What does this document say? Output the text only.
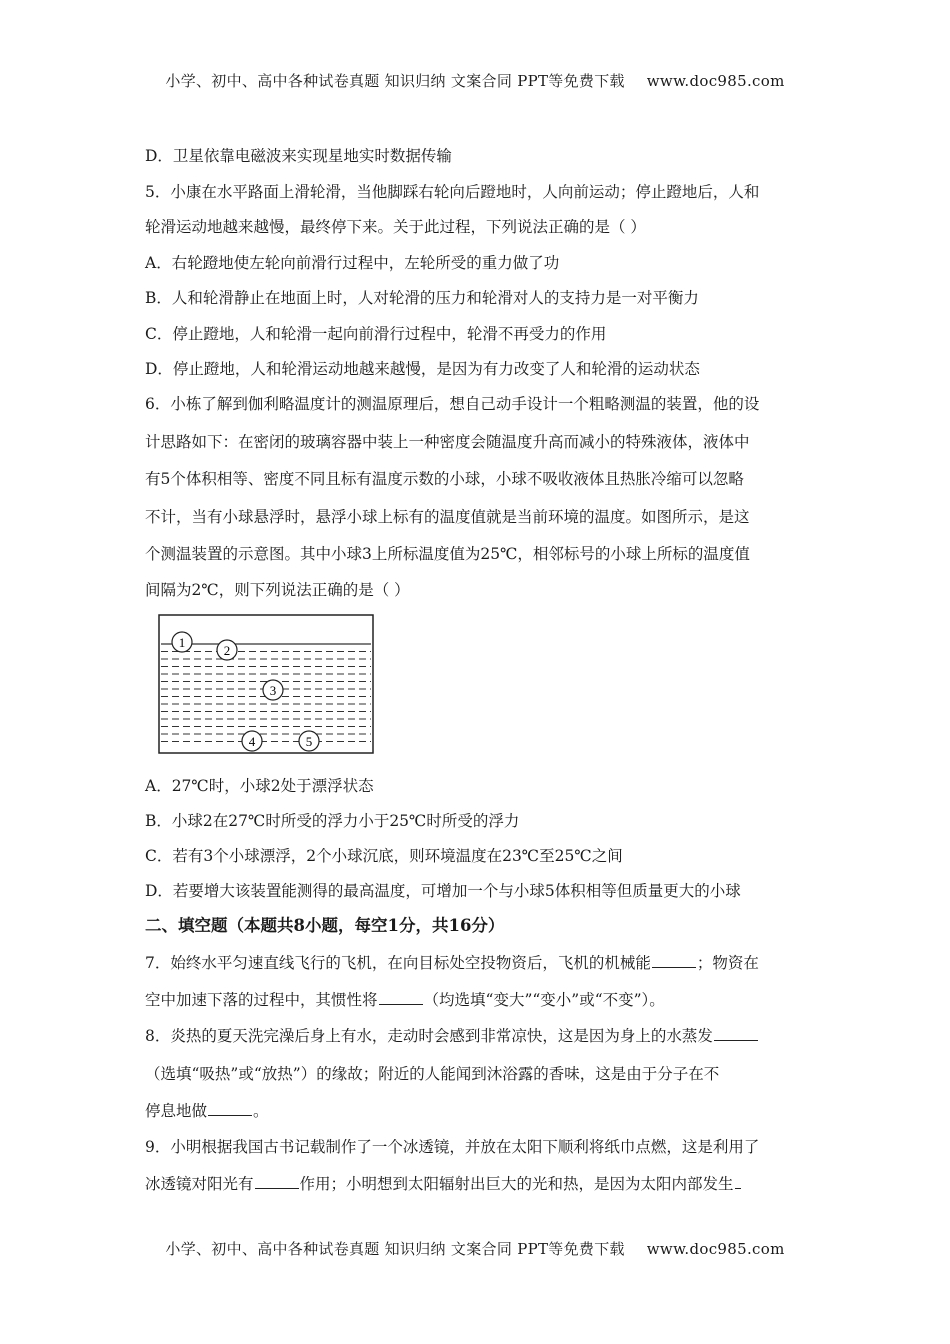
小学、初中、高中各种试卷真题 知识归纳 文案合同 PPT等免费下载 www.doc985.com
D．卫星依靠电磁波来实现星地实时数据传输
5．小康在水平路面上滑轮滑，当他脚踩右轮向后蹬地时，人向前运动；停止蹬地后，人和
轮滑运动地越来越慢，最终停下来。关于此过程，下列说法正确的是（ ）
A．右轮蹬地使左轮向前滑行过程中，左轮所受的重力做了功
B．人和轮滑静止在地面上时，人对轮滑的压力和轮滑对人的支持力是一对平衡力
C．停止蹬地，人和轮滑一起向前滑行过程中，轮滑不再受力的作用
D．停止蹬地，人和轮滑运动地越来越慢，是因为有力改变了人和轮滑的运动状态
6．小栋了解到伽利略温度计的测温原理后，想自己动手设计一个粗略测温的装置，他的设
计思路如下：在密闭的玻璃容器中装上一种密度会随温度升高而减小的特殊液体，液体中
有5个体积相等、密度不同且标有温度示数的小球，小球不吸收液体且热胀冷缩可以忽略
不计，当有小球悬浮时，悬浮小球上标有的温度值就是当前环境的温度。如图所示，是这
个测温装置的示意图。其中小球3上所标温度值为25℃，相邻标号的小球上所标的温度值
间隔为2℃，则下列说法正确的是（ ）
1
2
3
4	5
A．27℃时，小球2处于漂浮状态
B．小球2在27℃时所受的浮力小于25℃时所受的浮力
C．若有3个小球漂浮，2个小球沉底，则环境温度在23℃至25℃之间
D．若要增大该装置能测得的最高温度，可增加一个与小球5体积相等但质量更大的小球
二、填空题（本题共8小题，每空1分，共16分）
7．始终水平匀速直线飞行的飞机，在向目标处空投物资后，飞机的机械能	；物资在
空中加速下落的过程中，其惯性将	（均选填“变大”“变小”或“不变”）。
8．炎热的夏天洗完澡后身上有水，走动时会感到非常凉快，这是因为身上的水蒸发
（选填“吸热”或“放热”）的缘故；附近的人能闻到沐浴露的香味，这是由于分子在不
停息地做	。
9．小明根据我国古书记载制作了一个冰透镜，并放在太阳下顺利将纸巾点燃，这是利用了
冰透镜对阳光有	作用；小明想到太阳辐射出巨大的光和热，是因为太阳内部发生
小学、初中、高中各种试卷真题 知识归纳 文案合同 PPT等免费下载 www.doc985.com
